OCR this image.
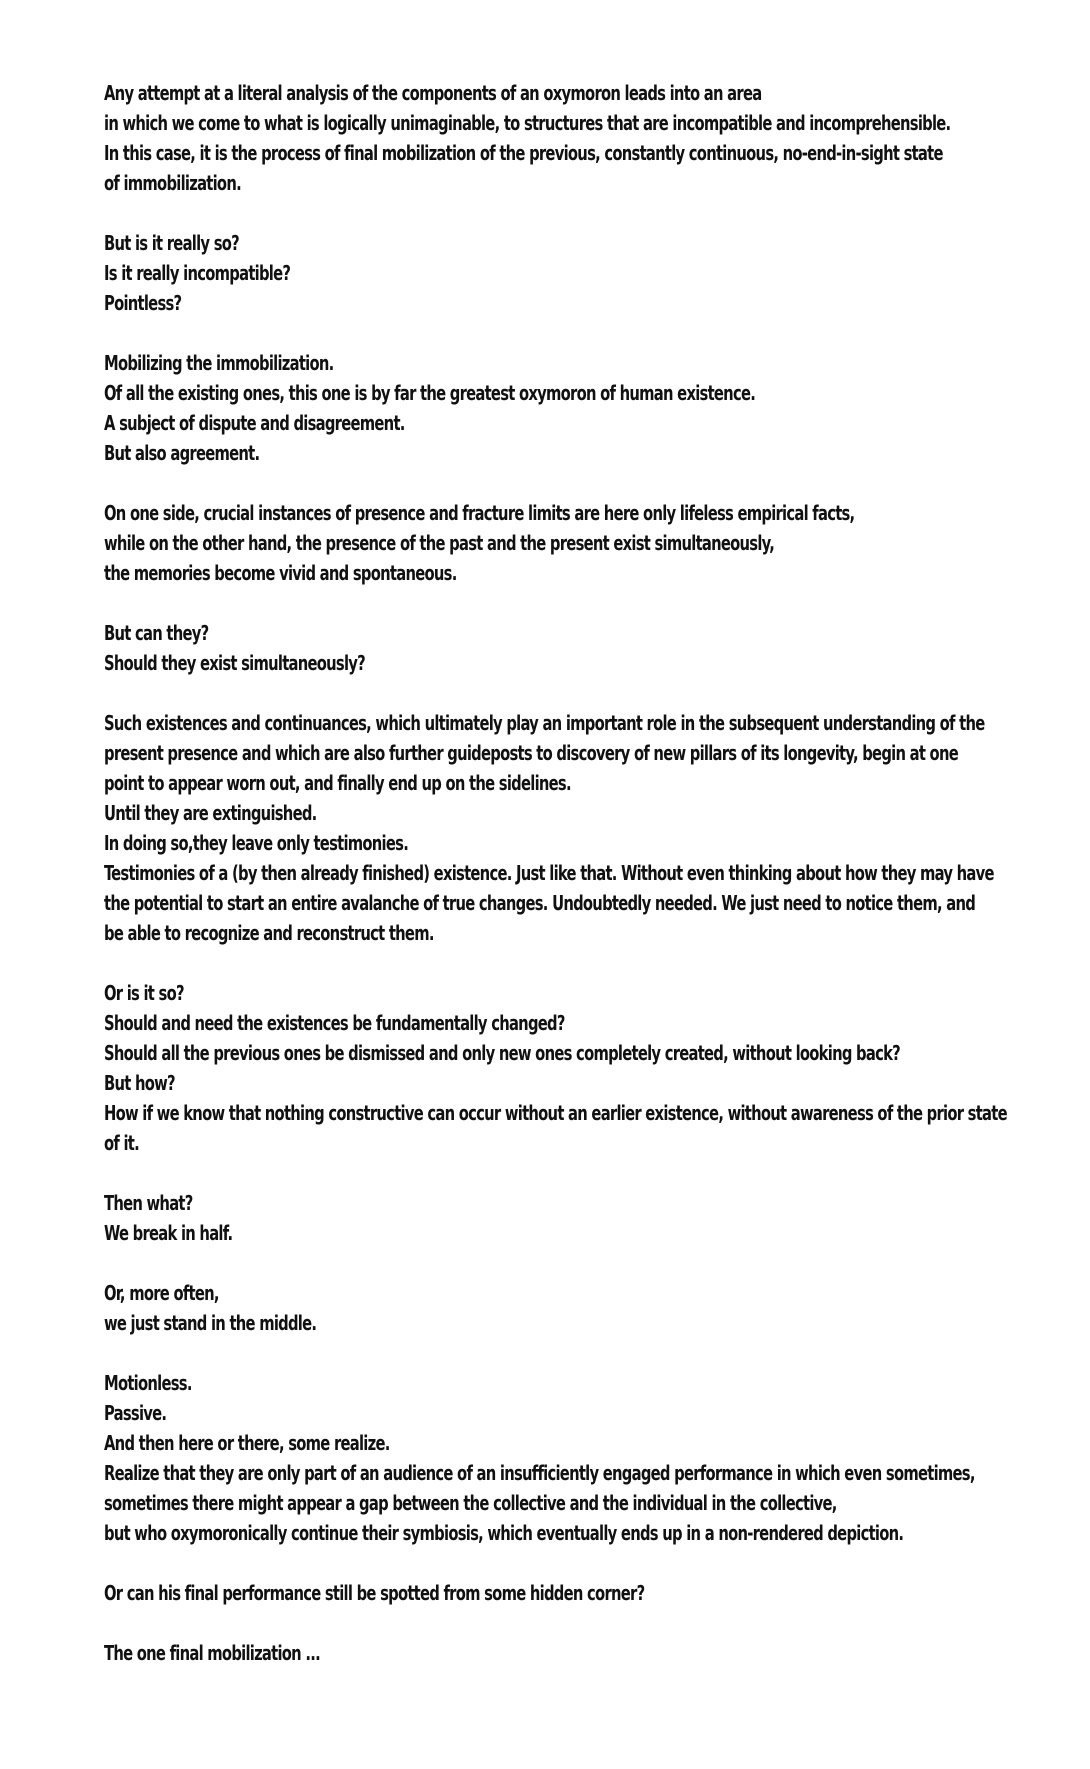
Any attempt at a literal analysis of the components of an oxymoron leads into an area
in which we come to what is logically unimaginable, to structures that are incompatible and incomprehensible.
In this case, it is the process of final mobilization of the previous, constantly continuous, no-end-in-sight state
of immobilization.
But is it really so?
Is it really incompatible?
Pointless?
Mobilizing the immobilization.
Of all the existing ones, this one is by far the greatest oxymoron of human existence.
A subject of dispute and disagreement.
But also agreement.
On one side, crucial instances of presence and fracture limits are here only lifeless empirical facts,
while on the other hand, the presence of the past and the present exist simultaneously,
the memories become vivid and spontaneous.
But can they?
Should they exist simultaneously?
Such existences and continuances, which ultimately play an important role in the subsequent understanding of the
present presence and which are also further guideposts to discovery of new pillars of its longevity, begin at one
point to appear worn out, and finally end up on the sidelines.
Until they are extinguished.
In doing so,they leave only testimonies.
Testimonies of a (by then already finished) existence. Just like that. Without even thinking about how they may have
the potential to start an entire avalanche of true changes. Undoubtedly needed. We just need to notice them, and
be able to recognize and reconstruct them.
Or is it so?
Should and need the existences be fundamentally changed?
Should all the previous ones be dismissed and only new ones completely created, without looking back?
But how?
How if we know that nothing constructive can occur without an earlier existence, without awareness of the prior state
of it.
Then what?
We break in half.
Or, more often,
we just stand in the middle.
Motionless.
Passive.
And then here or there, some realize.
Realize that they are only part of an audience of an insufficiently engaged performance in which even sometimes,
sometimes there might appear a gap between the collective and the individual in the collective,
but who oxymoronically continue their symbiosis, which eventually ends up in a non-rendered depiction.
Or can his final performance still be spotted from some hidden corner?
The one final mobilization ...
